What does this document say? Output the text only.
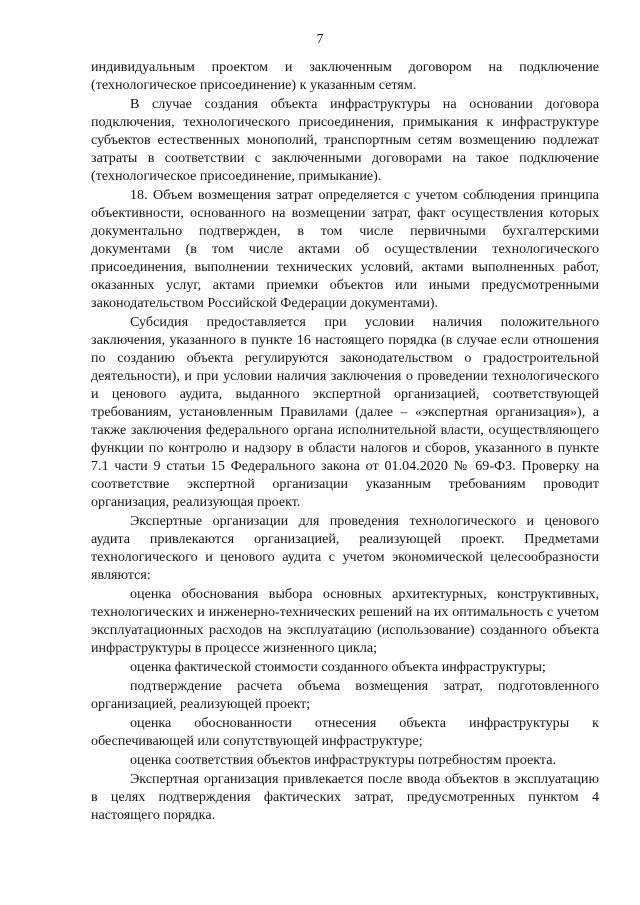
7

индивидуальным проектом и заключенным договором на подключение (технологическое присоединение) к указанным сетям.

В случае создания объекта инфраструктуры на основании договора подключения, технологического присоединения, примыкания к инфраструктуре субъектов естественных монополий, транспортным сетям возмещению подлежат затраты в соответствии с заключенными договорами на такое подключение (технологическое присоединение, примыкание).

18. Объем возмещения затрат определяется с учетом соблюдения принципа объективности, основанного на возмещении затрат, факт осуществления которых документально подтвержден, в том числе первичными бухгалтерскими документами (в том числе актами об осуществлении технологического присоединения, выполнении технических условий, актами выполненных работ, оказанных услуг, актами приемки объектов или иными предусмотренными законодательством Российской Федерации документами).

Субсидия предоставляется при условии наличия положительного заключения, указанного в пункте 16 настоящего порядка (в случае если отношения по созданию объекта регулируются законодательством о градостроительной деятельности), и при условии наличия заключения о проведении технологического и ценового аудита, выданного экспертной организацией, соответствующей требованиям, установленным Правилами (далее – «экспертная организация»), а также заключения федерального органа исполнительной власти, осуществляющего функции по контролю и надзору в области налогов и сборов, указанного в пункте 7.1 части 9 статьи 15 Федерального закона от 01.04.2020 № 69-ФЗ. Проверку на соответствие экспертной организации указанным требованиям проводит организация, реализующая проект.

Экспертные организации для проведения технологического и ценового аудита привлекаются организацией, реализующей проект. Предметами технологического и ценового аудита с учетом экономической целесообразности являются:

оценка обоснования выбора основных архитектурных, конструктивных, технологических и инженерно-технических решений на их оптимальность с учетом эксплуатационных расходов на эксплуатацию (использование) созданного объекта инфраструктуры в процессе жизненного цикла;

оценка фактической стоимости созданного объекта инфраструктуры;

подтверждение расчета объема возмещения затрат, подготовленного организацией, реализующей проект;

оценка обоснованности отнесения объекта инфраструктуры к обеспечивающей или сопутствующей инфраструктуре;

оценка соответствия объектов инфраструктуры потребностям проекта.

Экспертная организация привлекается после ввода объектов в эксплуатацию в целях подтверждения фактических затрат, предусмотренных пунктом 4 настоящего порядка.
